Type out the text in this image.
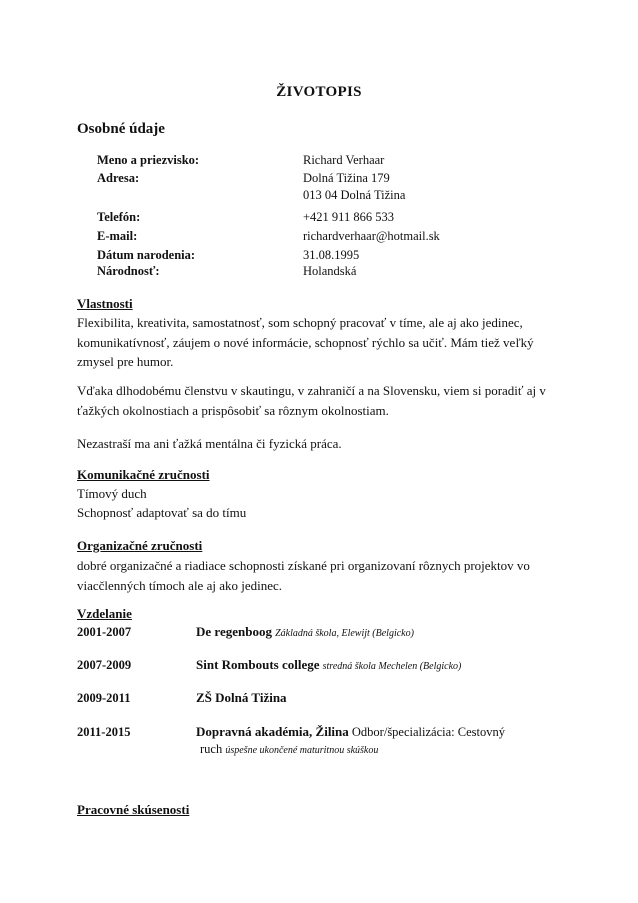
ŽIVOTOPIS
Osobné údaje
Meno a priezvisko:	Richard Verhaar
Adresa:	Dolná Tižina 179
013 04 Dolná Tižina
Telefón:	+421 911 866 533
E-mail:	richardverhaar@hotmail.sk
Dátum narodenia:	31.08.1995
Národnosť:	Holandská
Vlastnosti
Flexibilita, kreativita, samostatnosť, som schopný pracovať v tíme, ale aj ako jedinec, komunikatívnosť, záujem o nové informácie, schopnosť rýchlo sa učiť. Mám tiež veľký zmysel pre humor.
Vďaka dlhodobému členstvu v skautingu, v zahraničí a na Slovensku, viem si poradiť aj v ťažkých okolnostiach a prispôsobiť sa rôznym okolnostiam.
Nezastraší ma ani ťažká mentálna či fyzická práca.
Komunikačné zručnosti
Tímový duch
Schopnosť adaptovať sa do tímu
Organizačné zručnosti
dobré organizačné a riadiace schopnosti získané pri organizovaní rôznych projektov vo viacčlenných tímoch ale aj ako jedinec.
Vzdelanie
2001-2007	De regenboog Základná škola, Elewijt (Belgicko)
2007-2009	Sint Rombouts college stredná škola Mechelen (Belgicko)
2009-2011	ZŠ Dolná Tižina
2011-2015	Dopravná akadémia, Žilina Odbor/špecializácia: Cestovný
ruch úspešne ukončené maturitnou skúškou
Pracovné skúsenosti
